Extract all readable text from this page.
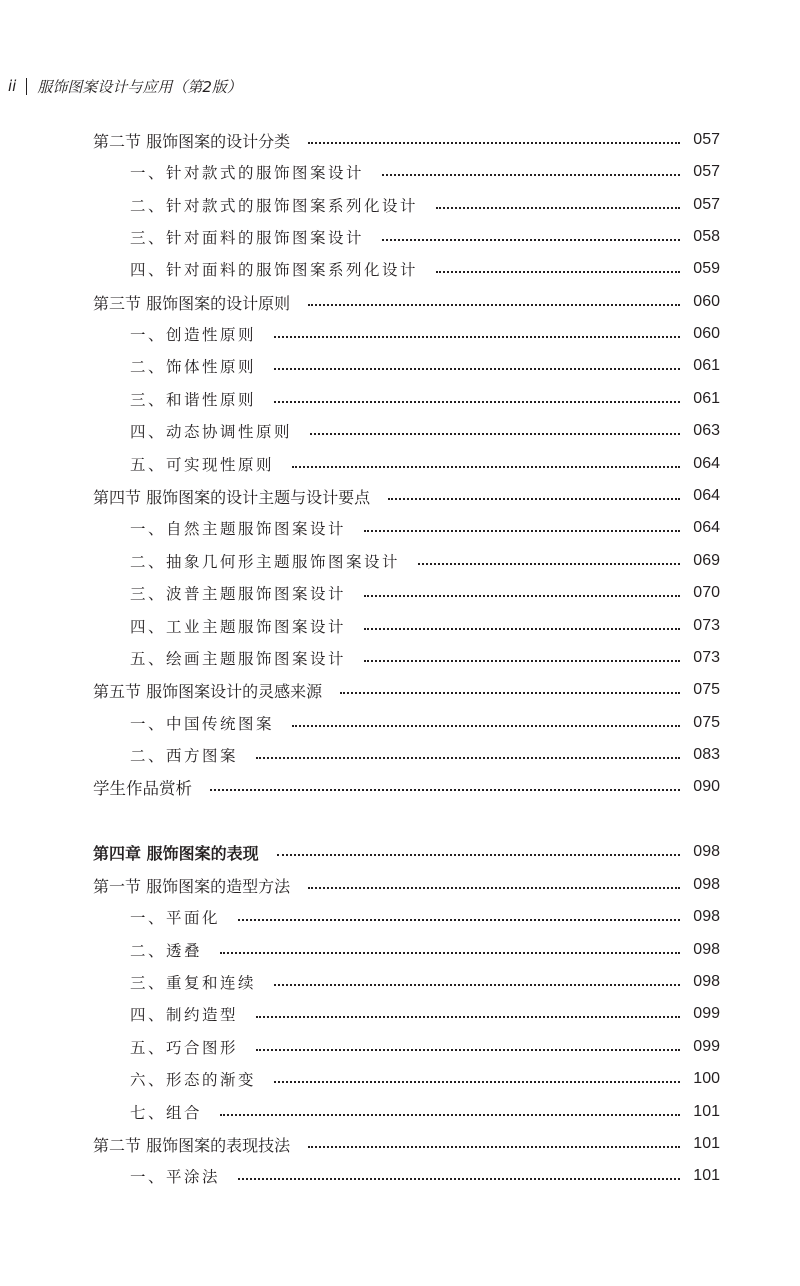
ii 服饰图案设计与应用（第2版）
第二节 服饰图案的设计分类	057
一、针对款式的服饰图案设计	057
二、针对款式的服饰图案系列化设计	057
三、针对面料的服饰图案设计	058
四、针对面料的服饰图案系列化设计	059
第三节 服饰图案的设计原则	060
一、创造性原则	060
二、饰体性原则	061
三、和谐性原则	061
四、动态协调性原则	063
五、可实现性原则	064
第四节 服饰图案的设计主题与设计要点	064
一、自然主题服饰图案设计	064
二、抽象几何形主题服饰图案设计	069
三、波普主题服饰图案设计	070
四、工业主题服饰图案设计	073
五、绘画主题服饰图案设计	073
第五节 服饰图案设计的灵感来源	075
一、中国传统图案	075
二、西方图案	083
学生作品赏析	090
第四章 服饰图案的表现	098
第一节 服饰图案的造型方法	098
一、平面化	098
二、透叠	098
三、重复和连续	098
四、制约造型	099
五、巧合图形	099
六、形态的渐变	100
七、组合	101
第二节 服饰图案的表现技法	101
一、平涂法	101
